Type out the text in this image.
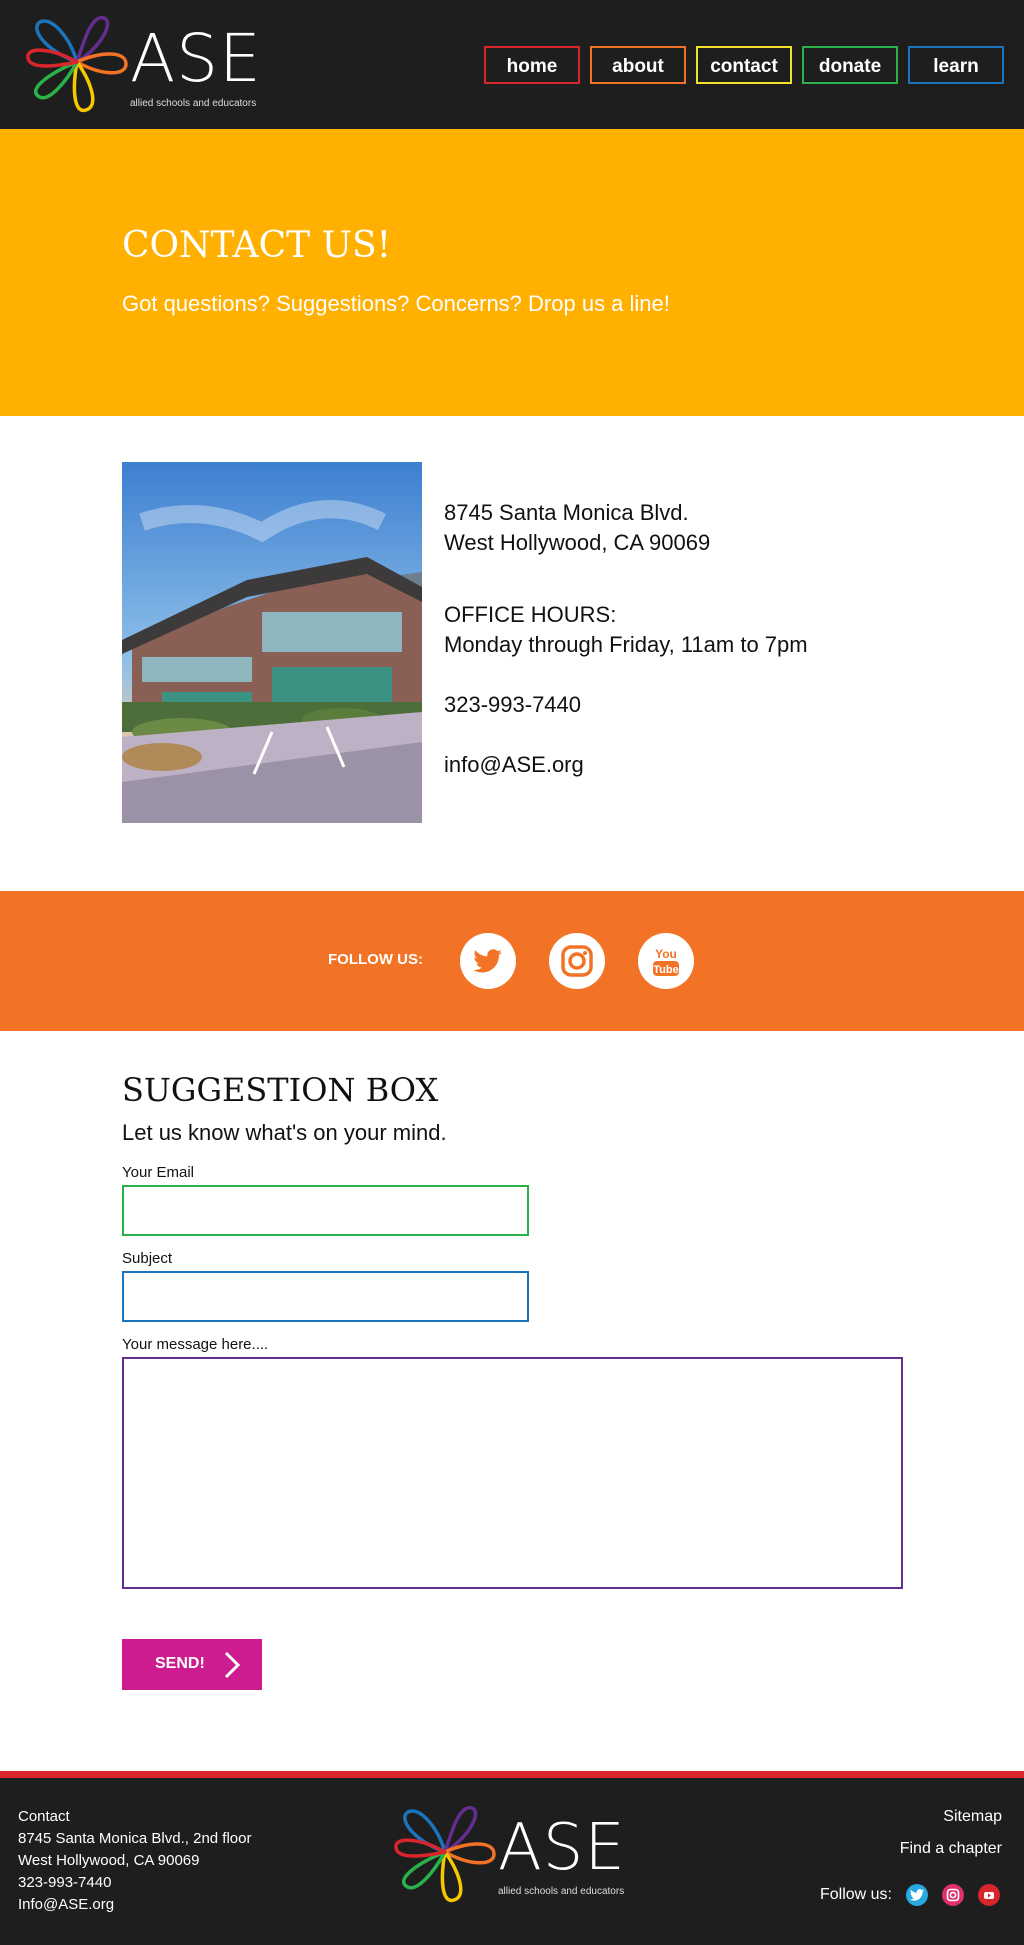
ASE
allied schools and educators
home	about	contact	donate	learn
CONTACT US!

Got questions? Suggestions? Concerns? Drop us a line!

8745 Santa Monica Blvd.
West Hollywood, CA 90069
OFFICE HOURS:
Monday through Friday, 11am to 7pm
323-993-7440
info@ASE.org
FOLLOW US:	You
Tube
SUGGESTION BOX
Let us know what's on your mind.
Your Email
Subject
Your message here....
SEND!
Contact
8745 Santa Monica Blvd., 2nd floor
West Hollywood, CA 90069
323-993-7440
Info@ASE.org
ASE
allied schools and educators
Sitemap
Find a chapter
Follow us:
